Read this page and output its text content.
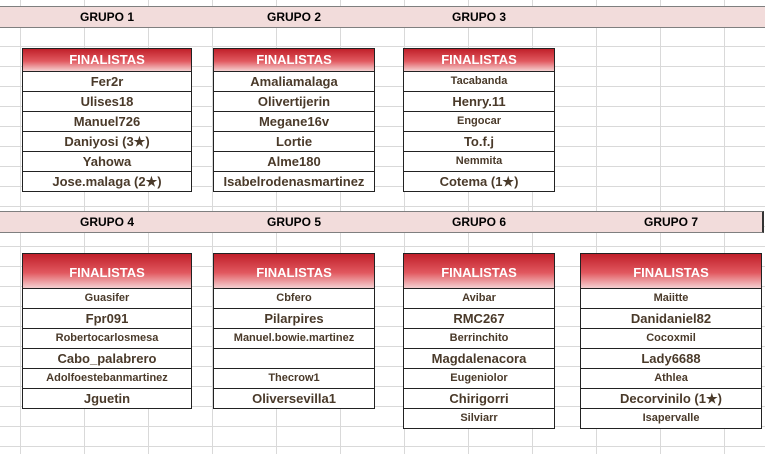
GRUPO 1	GRUPO 2	GRUPO 3
GRUPO 4	GRUPO 5	GRUPO 6	GRUPO 7
FINALISTAS
Fer2r
Ulises18
Manuel726
Daniyosi (3★)
Yahowa
Jose.malaga (2★)
FINALISTAS
Amaliamalaga
Olivertijerin
Megane16v
Lortie
Alme180
Isabelrodenasmartinez
FINALISTAS
Tacabanda
Henry.11
Engocar
To.f.j
Nemmita
Cotema (1★)
FINALISTAS
Guasifer
Fpr091
Robertocarlosmesa
Cabo_palabrero
Adolfoestebanmartinez
Jguetin
FINALISTAS
Cbfero
Pilarpires
Manuel.bowie.martinez
Thecrow1
Oliversevilla1
FINALISTAS
Avibar
RMC267
Berrinchito
Magdalenacora
Eugeniolor
Chirigorri
Silviarr
FINALISTAS
Maiitte
Danidaniel82
Cocoxmil
Lady6688
Athlea
Decorvinilo (1★)
Isapervalle
